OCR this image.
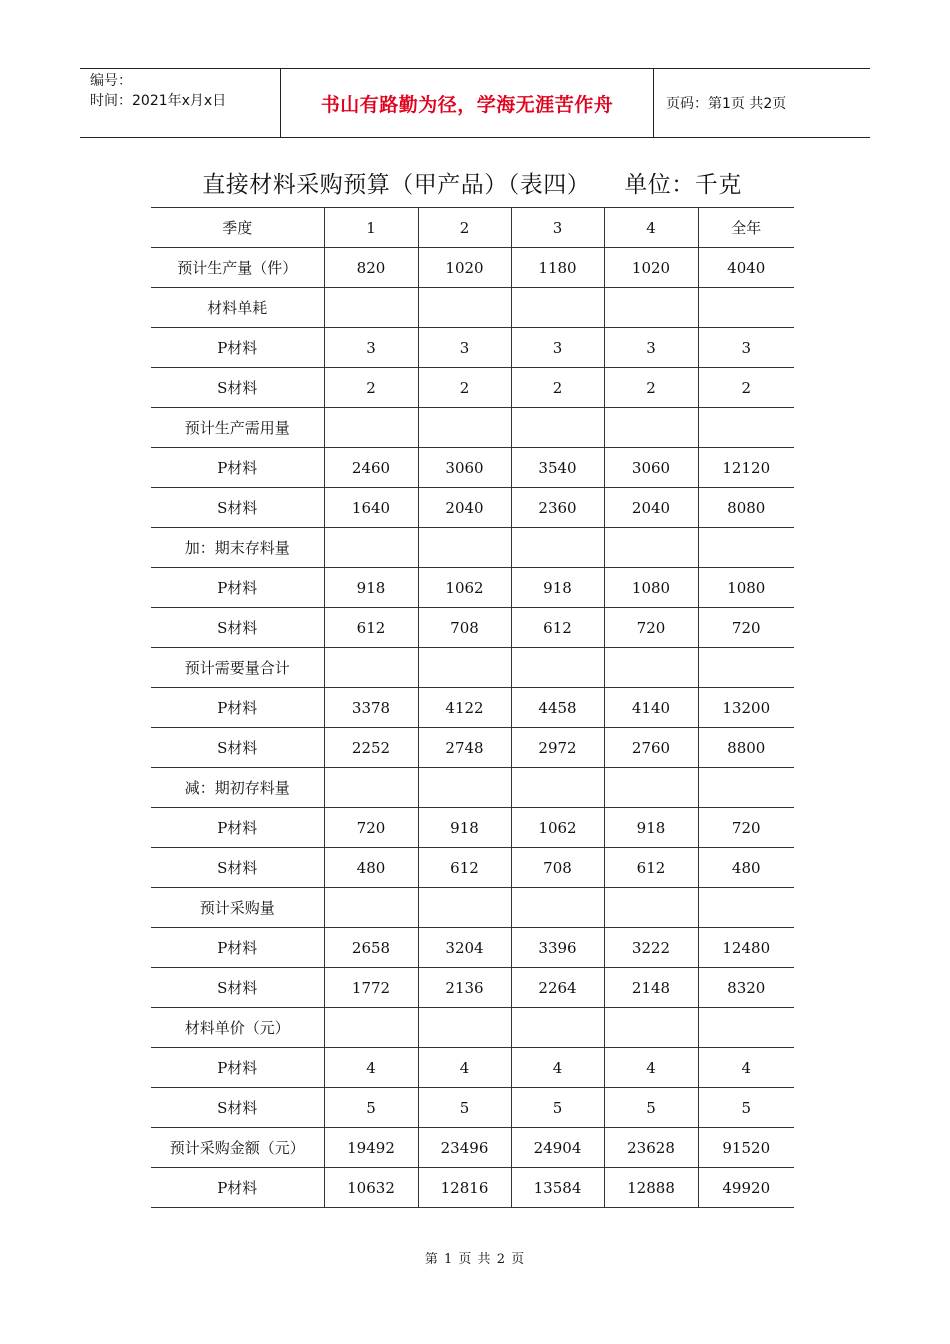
编号：
时间：2021年x月x日	书山有路勤为径，学海无涯苦作舟	页码：第1页 共2页
直接材料采购预算（甲产品）（表四） 单位：千克
季度	1	2	3	4	全年
预计生产量（件）	820	1020	1180	1020	4040
材料单耗					
P材料	3	3	3	3	3
S材料	2	2	2	2	2
预计生产需用量					
P材料	2460	3060	3540	3060	12120
S材料	1640	2040	2360	2040	8080
加：期末存料量					
P材料	918	1062	918	1080	1080
S材料	612	708	612	720	720
预计需要量合计					
P材料	3378	4122	4458	4140	13200
S材料	2252	2748	2972	2760	8800
减：期初存料量					
P材料	720	918	1062	918	720
S材料	480	612	708	612	480
预计采购量					
P材料	2658	3204	3396	3222	12480
S材料	1772	2136	2264	2148	8320
材料单价（元）					
P材料	4	4	4	4	4
S材料	5	5	5	5	5
预计采购金额（元）	19492	23496	24904	23628	91520
P材料	10632	12816	13584	12888	49920
第 1 页 共 2 页
